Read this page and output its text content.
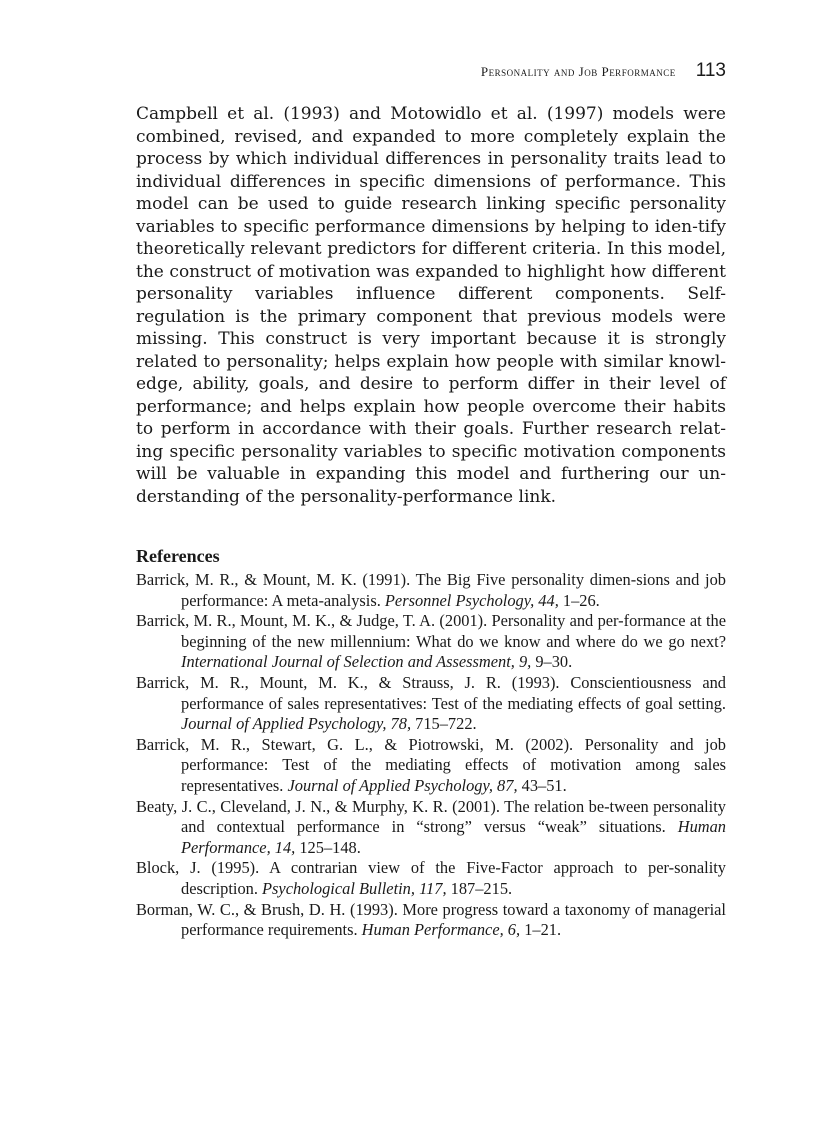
Personality and Job Performance 113

Campbell et al. (1993) and Motowidlo et al. (1997) models were combined, revised, and expanded to more completely explain the process by which individual differences in personality traits lead to individual differences in specific dimensions of performance. This model can be used to guide research linking specific personality variables to specific performance dimensions by helping to iden-tify theoretically relevant predictors for different criteria. In this model, the construct of motivation was expanded to highlight how different personality variables influence different components. Self-regulation is the primary component that previous models were missing. This construct is very important because it is strongly related to personality; helps explain how people with similar knowl-edge, ability, goals, and desire to perform differ in their level of performance; and helps explain how people overcome their habits to perform in accordance with their goals. Further research relat-ing specific personality variables to specific motivation components will be valuable in expanding this model and furthering our un-derstanding of the personality-performance link.

References
Barrick, M. R., & Mount, M. K. (1991). The Big Five personality dimen-sions and job performance: A meta-analysis. Personnel Psychology, 44, 1–26.
Barrick, M. R., Mount, M. K., & Judge, T. A. (2001). Personality and per-formance at the beginning of the new millennium: What do we know and where do we go next? International Journal of Selection and Assessment, 9, 9–30.
Barrick, M. R., Mount, M. K., & Strauss, J. R. (1993). Conscientiousness and performance of sales representatives: Test of the mediating effects of goal setting. Journal of Applied Psychology, 78, 715–722.
Barrick, M. R., Stewart, G. L., & Piotrowski, M. (2002). Personality and job performance: Test of the mediating effects of motivation among sales representatives. Journal of Applied Psychology, 87, 43–51.
Beaty, J. C., Cleveland, J. N., & Murphy, K. R. (2001). The relation be-tween personality and contextual performance in “strong” versus “weak” situations. Human Performance, 14, 125–148.
Block, J. (1995). A contrarian view of the Five-Factor approach to per-sonality description. Psychological Bulletin, 117, 187–215.
Borman, W. C., & Brush, D. H. (1993). More progress toward a taxonomy of managerial performance requirements. Human Performance, 6, 1–21.
